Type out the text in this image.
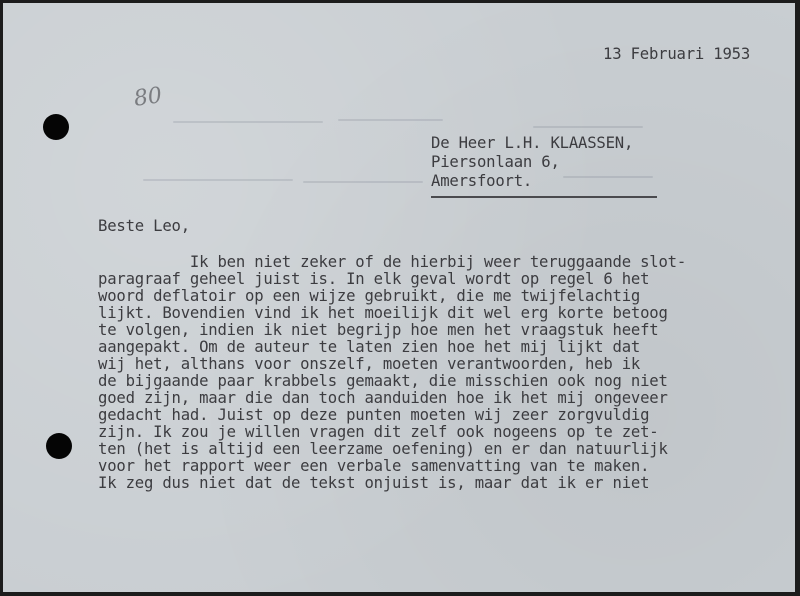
80
13 Februari 1953
De Heer L.H. KLAASSEN,
Piersonlaan 6,
Amersfoort.
Beste Leo,
Ik ben niet zeker of de hierbij weer teruggaande slot-
paragraaf geheel juist is. In elk geval wordt op regel 6 het
woord deflatoir op een wijze gebruikt, die me twijfelachtig
lijkt. Bovendien vind ik het moeilijk dit wel erg korte betoog
te volgen, indien ik niet begrijp hoe men het vraagstuk heeft
aangepakt. Om de auteur te laten zien hoe het mij lijkt dat
wij het, althans voor onszelf, moeten verantwoorden, heb ik
de bijgaande paar krabbels gemaakt, die misschien ook nog niet
goed zijn, maar die dan toch aanduiden hoe ik het mij ongeveer
gedacht had. Juist op deze punten moeten wij zeer zorgvuldig
zijn. Ik zou je willen vragen dit zelf ook nogeens op te zet-
ten (het is altijd een leerzame oefening) en er dan natuurlijk
voor het rapport weer een verbale samenvatting van te maken.
Ik zeg dus niet dat de tekst onjuist is, maar dat ik er niet
